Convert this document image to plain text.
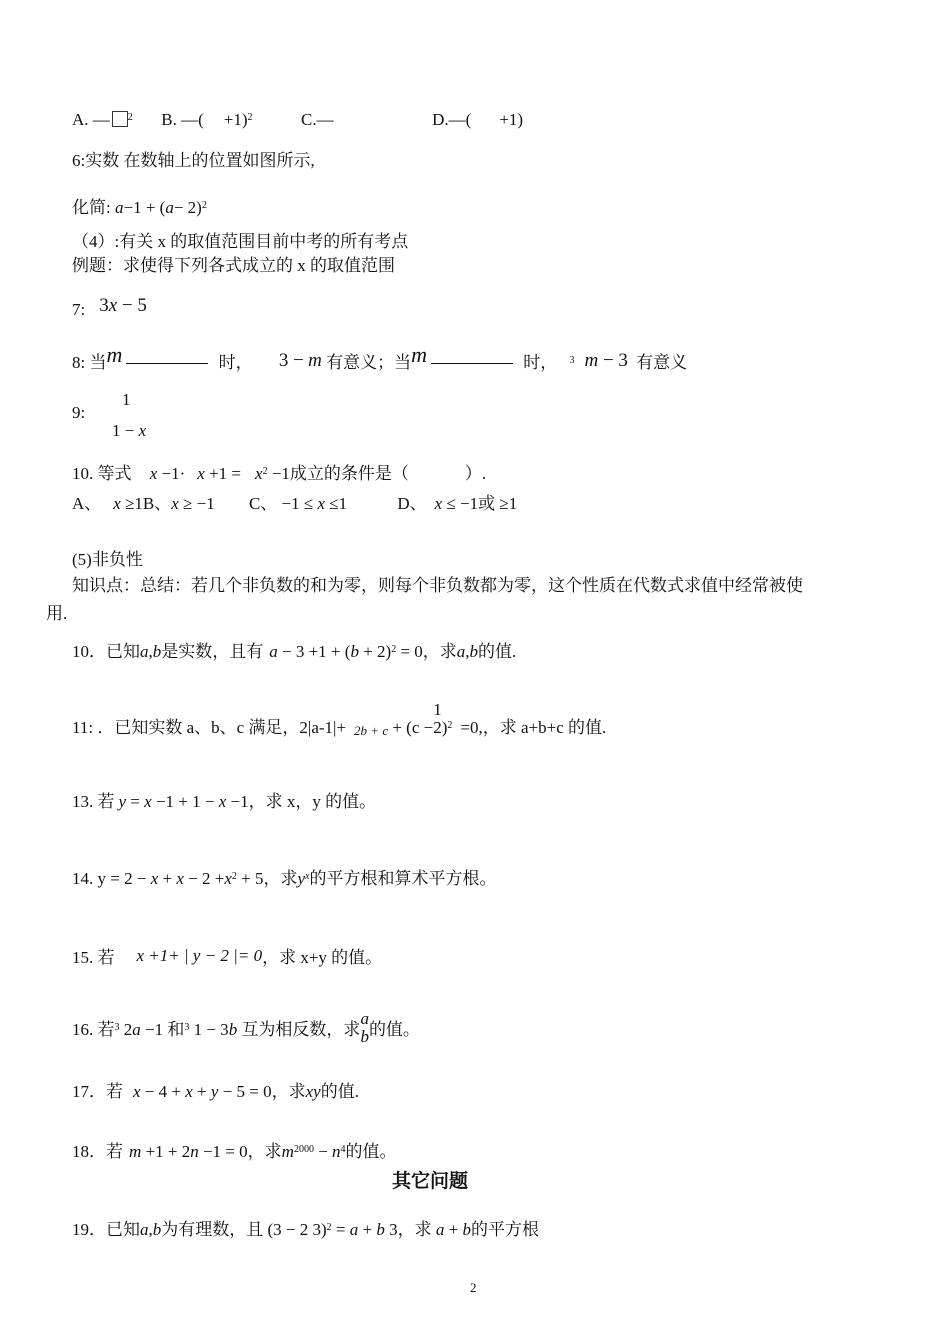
A. — $^2$ B. —( +1)$^2$	C.—	D.—( +1)
6:实数 在数轴上的位置如图所示,
化简: $a-1 + (a- 2)^2$
（4）:有关 x 的取值范围目前中考的所有考点
例题：求使得下列各式成立的 x 的取值范围
7: 3x − 5
8: 当m	时， 3 − m 有意义；当m	时， $^3$ m − 3 有意义
9:
1
1 − x
10. 等式 $x -1\cdot x +1 = x^2 -1$成立的条件是（	）.
A、 x ≥1B、x ≥ −1 C、 −1 ≤ x ≤1	D、 x ≤ −1或 ≥1
(5)非负性
知识点：总结：若几个非负数的和为零，则每个非负数都为零，这个性质在代数式求值中经常被使
用.
10．已知a,b是实数，且有 $a - 3 +1 + (b + 2)^2 = 0$，求a,b的值.
11: ．已知实数 a、b、c 满足，2|a-1|+ 2b + c + (c −
1
2 )$^2$ =0,，求 a+b+c 的值.
13. 若 y = x −1 + 1 − x −1，求 x，y 的值。
14. $y = 2 - x + x - 2 +x^2 + 5$，求$y^x$的平方根和算术平方根。
15. 若 x +1+ | y − 2 |= 0，求 x+y 的值。
16. 若$^3$ 2a −1 和$^3$ 1 − 3b 互为相反数，求
a
b 的值。
17．若 x − 4 + x + y − 5 = 0，求xy的值.
18．若 m +1 + 2n −1 = 0，求$m^{2000} - n^4$的值。
其它问题
19．已知a,b为有理数，且 (3 − 2 3)$^2$ = a + b 3，求 a + b的平方根
2
